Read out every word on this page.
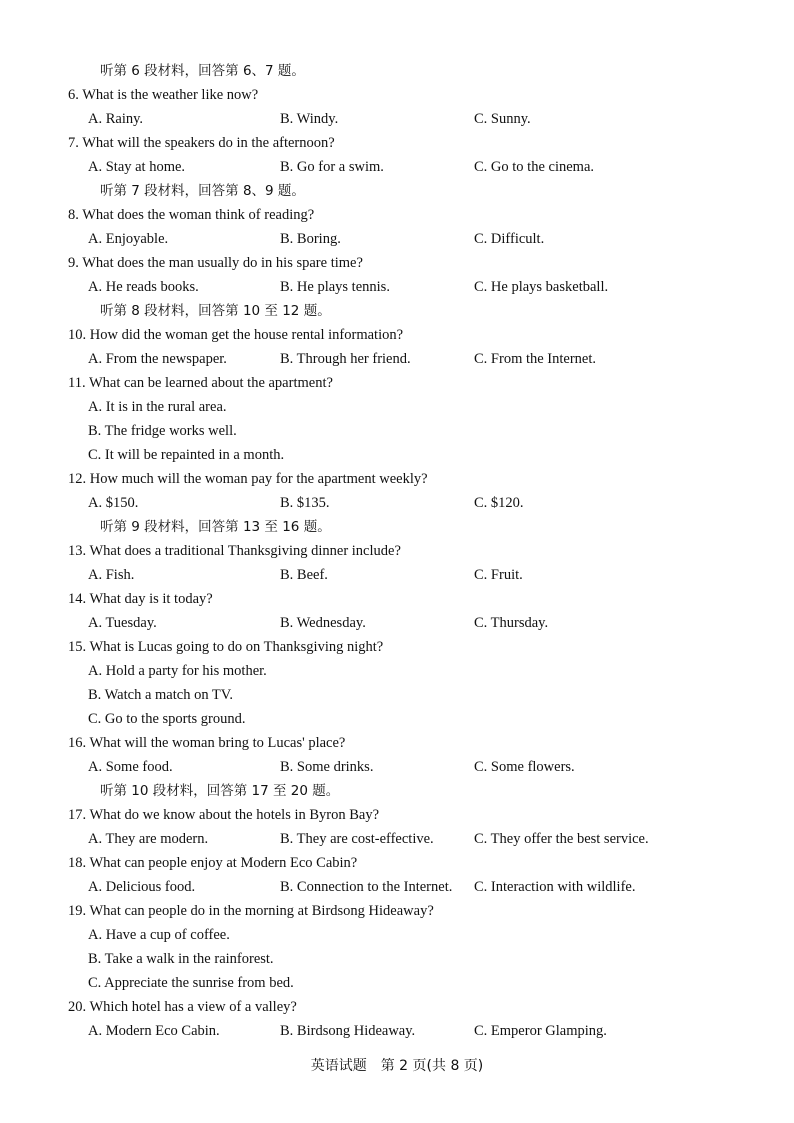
听第 6 段材料，回答第 6、7 题。
6. What is the weather like now?
A. Rainy.	B. Windy.	C. Sunny.
7. What will the speakers do in the afternoon?
A. Stay at home.	B. Go for a swim.	C. Go to the cinema.
听第 7 段材料，回答第 8、9 题。
8. What does the woman think of reading?
A. Enjoyable.	B. Boring.	C. Difficult.
9. What does the man usually do in his spare time?
A. He reads books.	B. He plays tennis.	C. He plays basketball.
听第 8 段材料，回答第 10 至 12 题。
10. How did the woman get the house rental information?
A. From the newspaper.	B. Through her friend.	C. From the Internet.
11. What can be learned about the apartment?
A. It is in the rural area.
B. The fridge works well.
C. It will be repainted in a month.
12. How much will the woman pay for the apartment weekly?
A. $150.	B. $135.	C. $120.
听第 9 段材料，回答第 13 至 16 题。
13. What does a traditional Thanksgiving dinner include?
A. Fish.	B. Beef.	C. Fruit.
14. What day is it today?
A. Tuesday.	B. Wednesday.	C. Thursday.
15. What is Lucas going to do on Thanksgiving night?
A. Hold a party for his mother.
B. Watch a match on TV.
C. Go to the sports ground.
16. What will the woman bring to Lucas' place?
A. Some food.	B. Some drinks.	C. Some flowers.
听第 10 段材料，回答第 17 至 20 题。
17. What do we know about the hotels in Byron Bay?
A. They are modern.	B. They are cost-effective.	C. They offer the best service.
18. What can people enjoy at Modern Eco Cabin?
A. Delicious food.	B. Connection to the Internet. C. Interaction with wildlife.
19. What can people do in the morning at Birdsong Hideaway?
A. Have a cup of coffee.
B. Take a walk in the rainforest.
C. Appreciate the sunrise from bed.
20. Which hotel has a view of a valley?
A. Modern Eco Cabin.	B. Birdsong Hideaway.	C. Emperor Glamping.
英语试题　第 2 页(共 8 页)
